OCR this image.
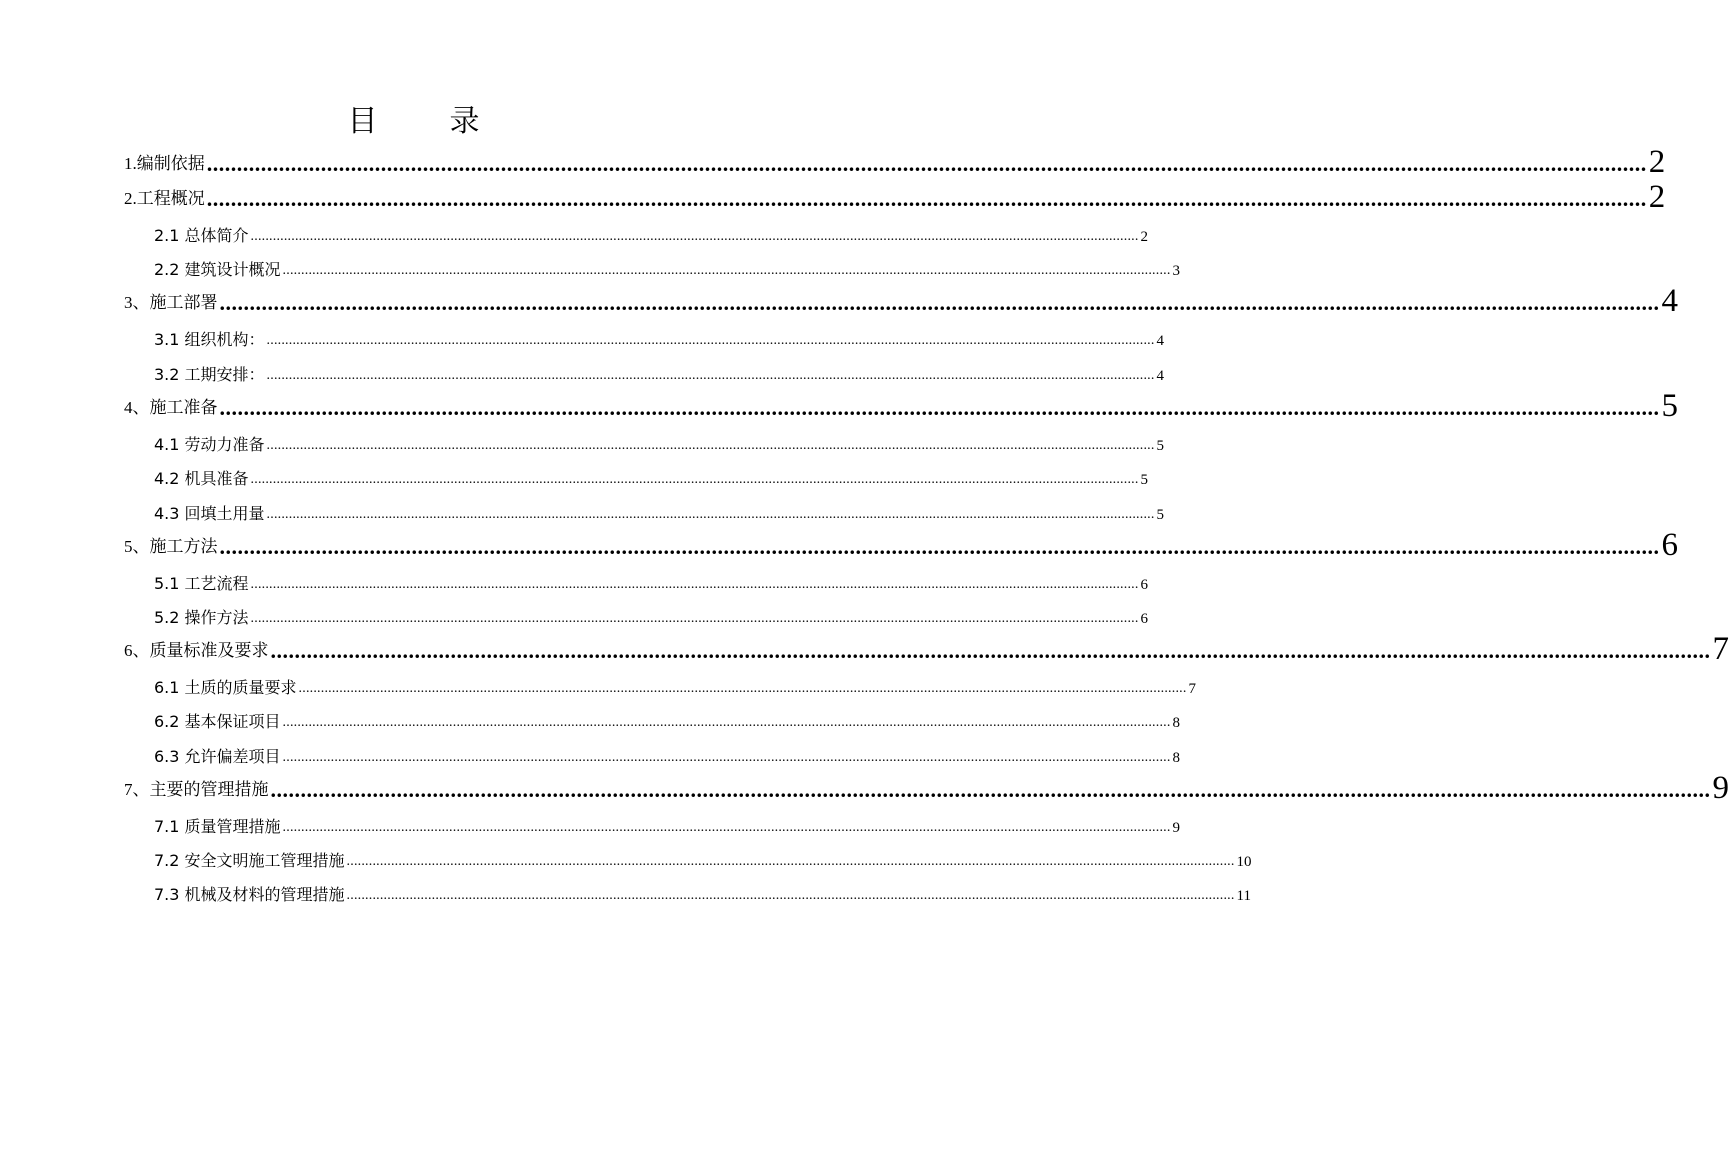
目 录
1.编制依据 ................................................................................................................................................................................................................................................ 2
2.工程概况 ................................................................................................................................................................................................................................................ 2
2.1 总体简介 ................................................................................................................................................................................................................................................ 2
2.2 建筑设计概况 ................................................................................................................................................................................................................................................ 3
3、施工部署 ................................................................................................................................................................................................................................................ 4
3.1 组织机构： ................................................................................................................................................................................................................................................ 4
3.2 工期安排： ................................................................................................................................................................................................................................................ 4
4、施工准备 ................................................................................................................................................................................................................................................ 5
4.1 劳动力准备 ................................................................................................................................................................................................................................................ 5
4.2 机具准备 ................................................................................................................................................................................................................................................ 5
4.3 回填土用量 ................................................................................................................................................................................................................................................ 5
5、施工方法 ................................................................................................................................................................................................................................................ 6
5.1 工艺流程 ................................................................................................................................................................................................................................................ 6
5.2 操作方法 ................................................................................................................................................................................................................................................ 6
6、质量标准及要求 ................................................................................................................................................................................................................................................ 7
6.1 土质的质量要求 ................................................................................................................................................................................................................................................ 7
6.2 基本保证项目 ................................................................................................................................................................................................................................................ 8
6.3 允许偏差项目 ................................................................................................................................................................................................................................................ 8
7、主要的管理措施 ................................................................................................................................................................................................................................................ 9
7.1 质量管理措施 ................................................................................................................................................................................................................................................ 9
7.2 安全文明施工管理措施 ................................................................................................................................................................................................................................................ 10
7.3 机械及材料的管理措施 ................................................................................................................................................................................................................................................ 11
